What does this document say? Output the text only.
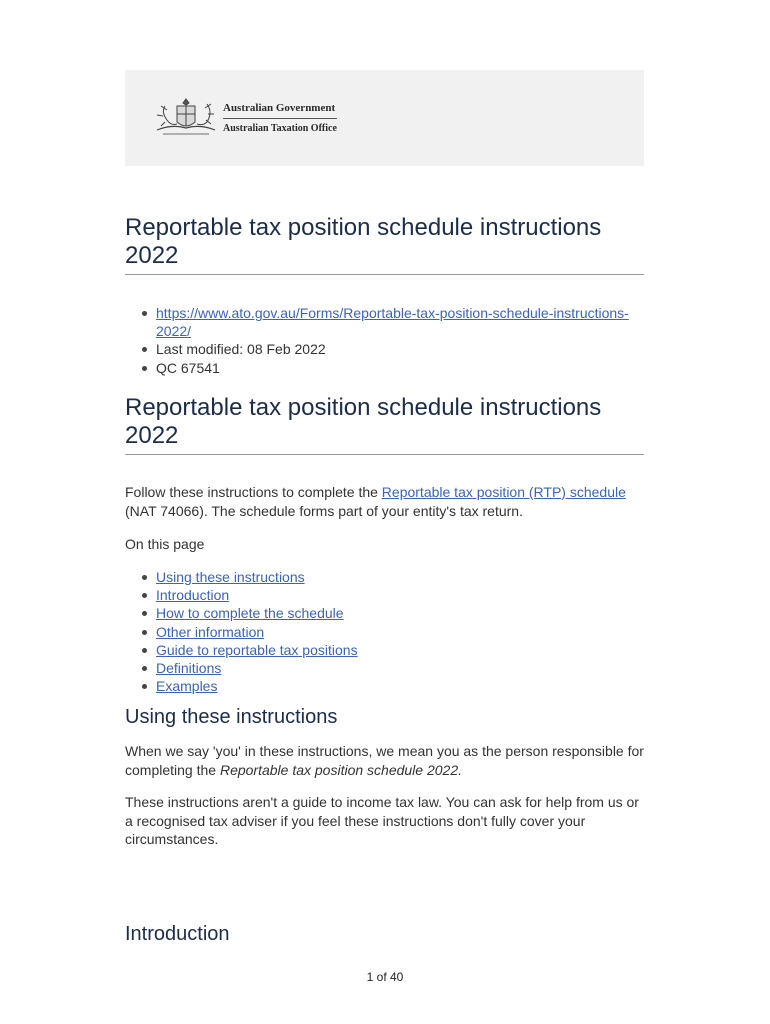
Australian Government
Australian Taxation Office
Reportable tax position schedule instructions 2022
https://www.ato.gov.au/Forms/Reportable-tax-position-schedule-instructions-2022/
Last modified: 08 Feb 2022
QC 67541
Reportable tax position schedule instructions 2022

Follow these instructions to complete the Reportable tax position (RTP) schedule (NAT 74066). The schedule forms part of your entity's tax return.

On this page

Using these instructions
Introduction
How to complete the schedule
Other information
Guide to reportable tax positions
Definitions
Examples
Using these instructions

When we say 'you' in these instructions, we mean you as the person responsible for completing the Reportable tax position schedule 2022.

These instructions aren't a guide to income tax law. You can ask for help from us or a recognised tax adviser if you feel these instructions don't fully cover your circumstances.

Introduction
1 of 40
